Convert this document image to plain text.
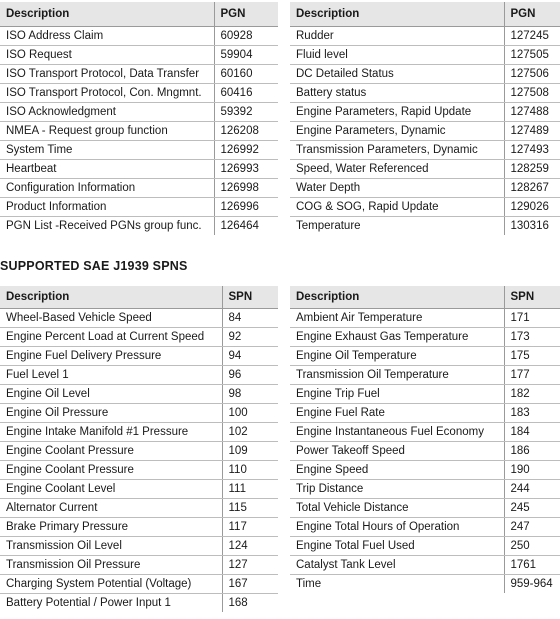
Description	PGN
ISO Address Claim	60928
ISO Request	59904
ISO Transport Protocol, Data Transfer	60160
ISO Transport Protocol, Con. Mngmnt.	60416
ISO Acknowledgment	59392
NMEA - Request group function	126208
System Time	126992
Heartbeat	126993
Configuration Information	126998
Product Information	126996
PGN List -Received PGNs group func.	126464
Description	PGN
Rudder	127245
Fluid level	127505
DC Detailed Status	127506
Battery status	127508
Engine Parameters, Rapid Update	127488
Engine Parameters, Dynamic	127489
Transmission Parameters, Dynamic	127493
Speed, Water Referenced	128259
Water Depth	128267
COG & SOG, Rapid Update	129026
Temperature	130316
SUPPORTED SAE J1939 SPNS
Description	SPN
Wheel-Based Vehicle Speed	84
Engine Percent Load at Current Speed	92
Engine Fuel Delivery Pressure	94
Fuel Level 1	96
Engine Oil Level	98
Engine Oil Pressure	100
Engine Intake Manifold #1 Pressure	102
Engine Coolant Pressure	109
Engine Coolant Pressure	110
Engine Coolant Level	111
Alternator Current	115
Brake Primary Pressure	117
Transmission Oil Level	124
Transmission Oil Pressure	127
Charging System Potential (Voltage)	167
Battery Potential / Power Input 1	168
Description	SPN
Ambient Air Temperature	171
Engine Exhaust Gas Temperature	173
Engine Oil Temperature	175
Transmission Oil Temperature	177
Engine Trip Fuel	182
Engine Fuel Rate	183
Engine Instantaneous Fuel Economy	184
Power Takeoff Speed	186
Engine Speed	190
Trip Distance	244
Total Vehicle Distance	245
Engine Total Hours of Operation	247
Engine Total Fuel Used	250
Catalyst Tank Level	1761
Time	959-964
